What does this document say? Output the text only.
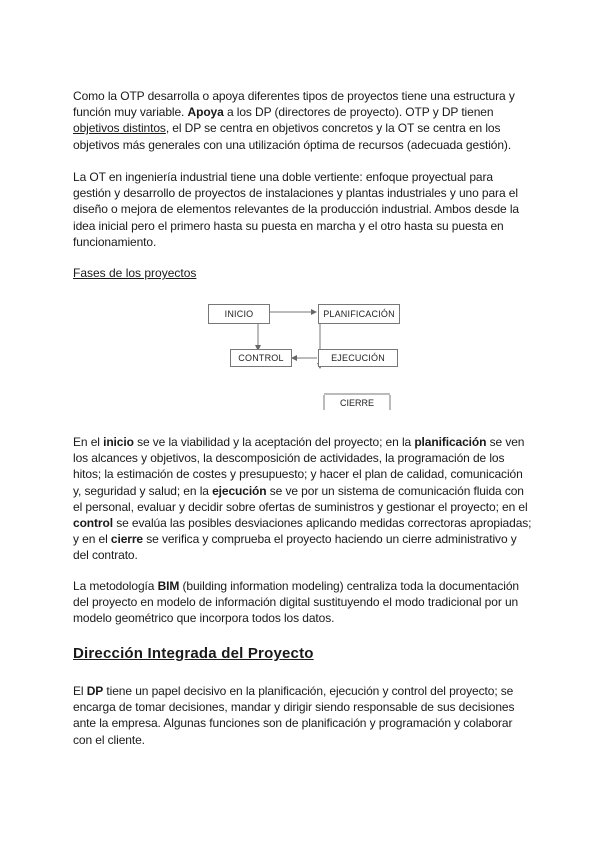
Como la OTP desarrolla o apoya diferentes tipos de proyectos tiene una estructura y función muy variable. Apoya a los DP (directores de proyecto). OTP y DP tienen objetivos distintos, el DP se centra en objetivos concretos y la OT se centra en los objetivos más generales con una utilización óptima de recursos (adecuada gestión).
La OT en ingeniería industrial tiene una doble vertiente: enfoque proyectual para gestión y desarrollo de proyectos de instalaciones y plantas industriales y uno para el diseño o mejora de elementos relevantes de la producción industrial. Ambos desde la idea inicial pero el primero hasta su puesta en marcha y el otro hasta su puesta en funcionamiento.
Fases de los proyectos
INICIO	PLANIFICACIÓN
CONTROL	EJECUCIÓN
CIERRE
En el inicio se ve la viabilidad y la aceptación del proyecto; en la planificación se ven los alcances y objetivos, la descomposición de actividades, la programación de los hitos; la estimación de costes y presupuesto; y hacer el plan de calidad, comunicación y, seguridad y salud; en la ejecución se ve por un sistema de comunicación fluida con el personal, evaluar y decidir sobre ofertas de suministros y gestionar el proyecto; en el control se evalúa las posibles desviaciones aplicando medidas correctoras apropiadas; y en el cierre se verifica y comprueba el proyecto haciendo un cierre administrativo y del contrato.
La metodología BIM (building information modeling) centraliza toda la documentación del proyecto en modelo de información digital sustituyendo el modo tradicional por un modelo geométrico que incorpora todos los datos.
Dirección Integrada del Proyecto
El DP tiene un papel decisivo en la planificación, ejecución y control del proyecto; se encarga de tomar decisiones, mandar y dirigir siendo responsable de sus decisiones ante la empresa. Algunas funciones son de planificación y programación y colaborar con el cliente.
